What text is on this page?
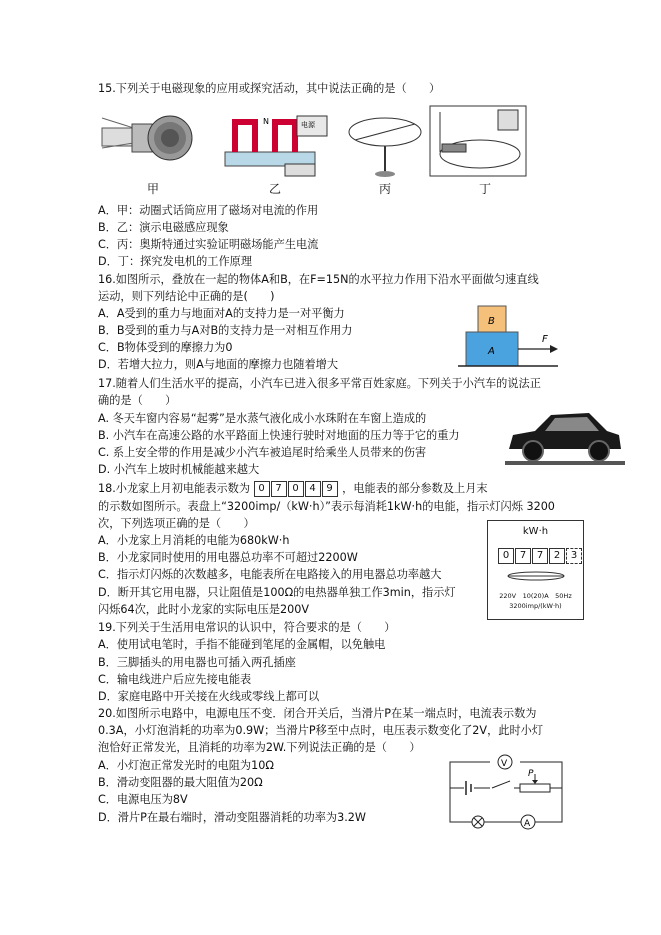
15.下列关于电磁现象的应用或探究活动，其中说法正确的是（　　）
N	电源
甲	乙	丙	丁
A．甲：动圈式话筒应用了磁场对电流的作用
B．乙：演示电磁感应现象
C．丙：奥斯特通过实验证明磁场能产生电流
D．丁：探究发电机的工作原理
16.如图所示，叠放在一起的物体A和B，在F=15N的水平拉力作用下沿水平面做匀速直线
运动，则下列结论中正确的是(　　)
A．A受到的重力与地面对A的支持力是一对平衡力
B．B受到的重力与A对B的支持力是一对相互作用力
C．B物体受到的摩擦力为0
D．若增大拉力，则A与地面的摩擦力也随着增大
B
A
F
17.随着人们生活水平的提高，小汽车已进入很多平常百姓家庭。下列关于小汽车的说法正
确的是（　　）
A. 冬天车窗内容易“起雾”是水蒸气液化成小水珠附在车窗上造成的
B. 小汽车在高速公路的水平路面上快速行驶时对地面的压力等于它的重力
C. 系上安全带的作用是减少小汽车被追尾时给乘坐人员带来的伤害
D. 小汽车上坡时机械能越来越大
18.小龙家上月初电能表示数为 0 7 0 4 9 ，电能表的部分参数及上月末
的示数如图所示。表盘上“3200imp/（kW·h）”表示每消耗1kW·h的电能，指示灯闪烁 3200
次，下列选项正确的是（　　）
A．小龙家上月消耗的电能为680kW·h
B．小龙家同时使用的用电器总功率不可超过2200W
C．指示灯闪烁的次数越多，电能表所在电路接入的用电器总功率越大
D．断开其它用电器，只让阻值是100Ω的电热器单独工作3min，指示灯
闪烁64次，此时小龙家的实际电压是200V
kW·h
0 7 7 2 3
220V　10(20)A　50Hz
3200imp/(kW·h)
19.下列关于生活用电常识的认识中，符合要求的是（　　）
A．使用试电笔时，手指不能碰到笔尾的金属帽，以免触电
B．三脚插头的用电器也可插入两孔插座
C．输电线进户后应先接电能表
D．家庭电路中开关接在火线或零线上都可以
20.如图所示电路中，电源电压不变．闭合开关后，当滑片P在某一端点时，电流表示数为
0.3A，小灯泡消耗的功率为0.9W；当滑片P移至中点时，电压表示数变化了2V，此时小灯
泡恰好正常发光，且消耗的功率为2W.下列说法正确的是（　　）
A．小灯泡正常发光时的电阻为10Ω
B．滑动变阻器的最大阻值为20Ω
C．电源电压为8V
D．滑片P在最右端时，滑动变阻器消耗的功率为3.2W
V
P
A
